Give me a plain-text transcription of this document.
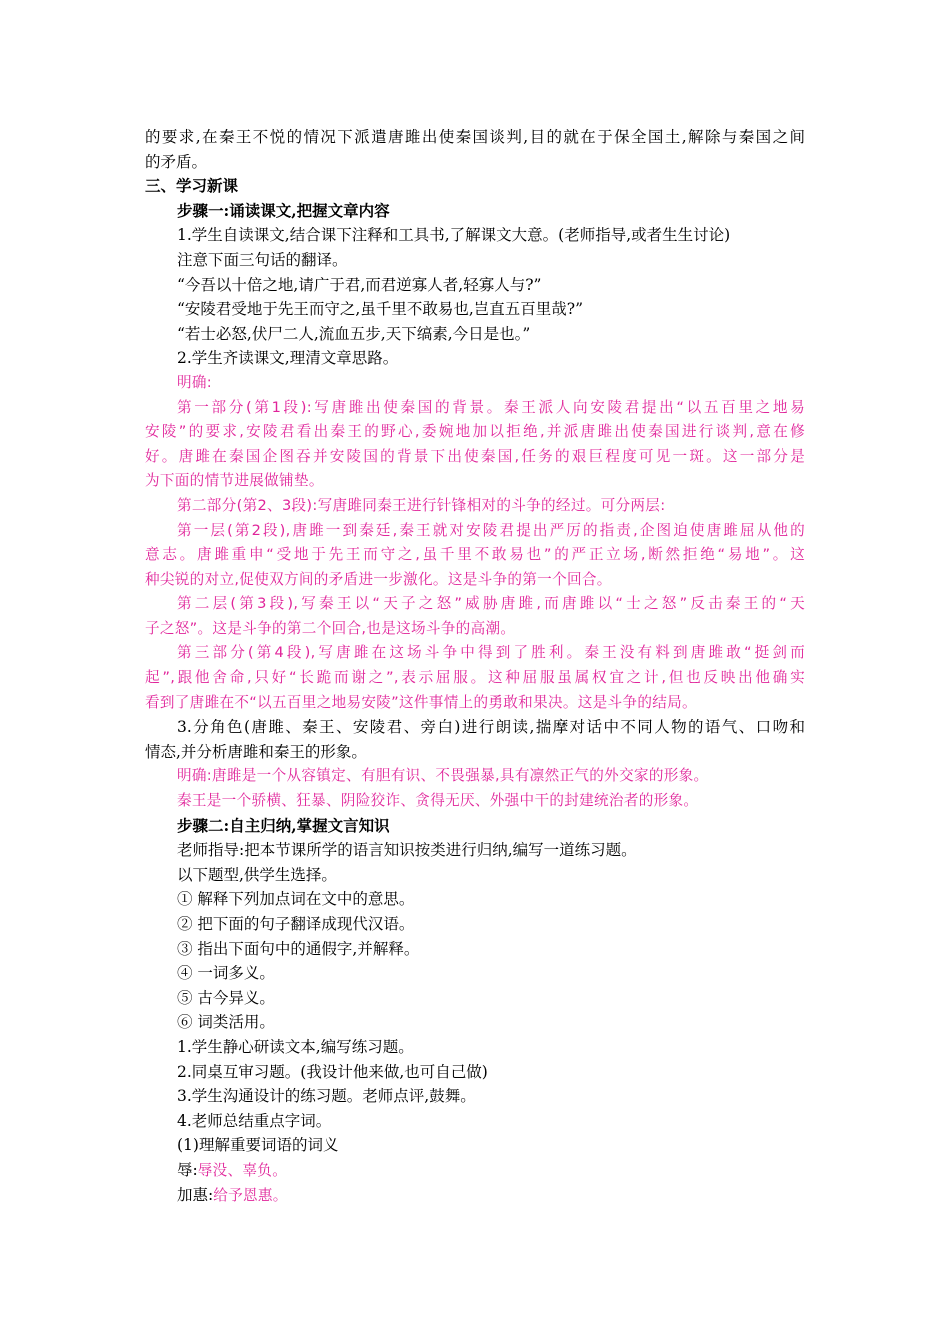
的要求,在秦王不悦的情况下派遣唐雎出使秦国谈判,目的就在于保全国土,解除与秦国之间
的矛盾。
三、学习新课
步骤一:诵读课文,把握文章内容
1.学生自读课文,结合课下注释和工具书,了解课文大意。(老师指导,或者生生讨论)
注意下面三句话的翻译。
“今吾以十倍之地,请广于君,而君逆寡人者,轻寡人与?”
“安陵君受地于先王而守之,虽千里不敢易也,岂直五百里哉?”
“若士必怒,伏尸二人,流血五步,天下缟素,今日是也。”
2.学生齐读课文,理清文章思路。
明确:
第一部分(第1段):写唐雎出使秦国的背景。秦王派人向安陵君提出“以五百里之地易
安陵”的要求,安陵君看出秦王的野心,委婉地加以拒绝,并派唐雎出使秦国进行谈判,意在修
好。唐雎在秦国企图吞并安陵国的背景下出使秦国,任务的艰巨程度可见一斑。这一部分是
为下面的情节进展做铺垫。
第二部分(第2、3段):写唐雎同秦王进行针锋相对的斗争的经过。可分两层:
第一层(第2段),唐雎一到秦廷,秦王就对安陵君提出严厉的指责,企图迫使唐雎屈从他的
意志。唐雎重申“受地于先王而守之,虽千里不敢易也”的严正立场,断然拒绝“易地”。这
种尖锐的对立,促使双方间的矛盾进一步激化。这是斗争的第一个回合。
第二层(第3段),写秦王以“天子之怒”威胁唐雎,而唐雎以“士之怒”反击秦王的“天
子之怒”。这是斗争的第二个回合,也是这场斗争的高潮。
第三部分(第4段),写唐雎在这场斗争中得到了胜利。秦王没有料到唐雎敢“挺剑而
起”,跟他舍命,只好“长跪而谢之”,表示屈服。这种屈服虽属权宜之计,但也反映出他确实
看到了唐雎在不“以五百里之地易安陵”这件事情上的勇敢和果决。这是斗争的结局。
3.分角色(唐雎、秦王、安陵君、旁白)进行朗读,揣摩对话中不同人物的语气、口吻和
情态,并分析唐雎和秦王的形象。
明确:唐雎是一个从容镇定、有胆有识、不畏强暴,具有凛然正气的外交家的形象。
秦王是一个骄横、狂暴、阴险狡诈、贪得无厌、外强中干的封建统治者的形象。
步骤二:自主归纳,掌握文言知识
老师指导:把本节课所学的语言知识按类进行归纳,编写一道练习题。
以下题型,供学生选择。
① 解释下列加点词在文中的意思。
② 把下面的句子翻译成现代汉语。
③ 指出下面句中的通假字,并解释。
④ 一词多义。
⑤ 古今异义。
⑥ 词类活用。
1.学生静心研读文本,编写练习题。
2.同桌互审习题。(我设计他来做,也可自己做)
3.学生沟通设计的练习题。老师点评,鼓舞。
4.老师总结重点字词。
(1)理解重要词语的词义
辱:辱没、辜负。
加惠:给予恩惠。
